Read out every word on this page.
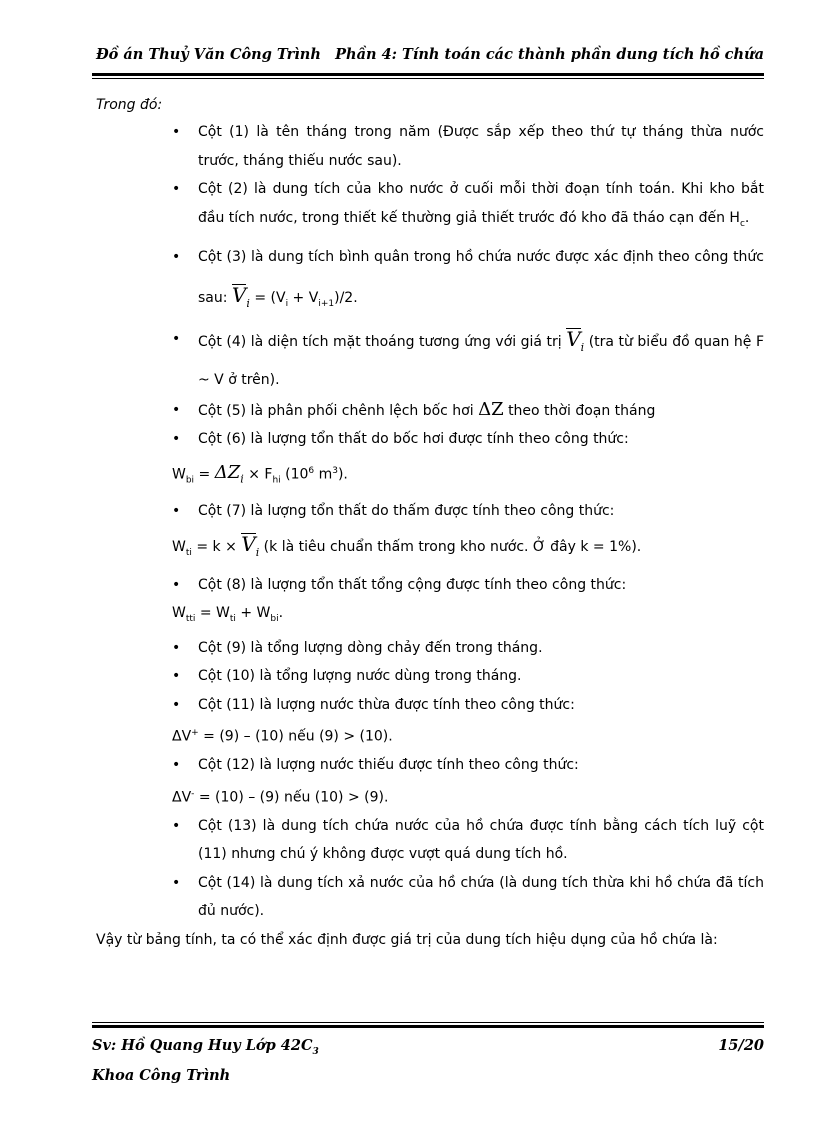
Đồ án Thuỷ Văn Công Trình Phần 4: Tính toán các thành phần dung tích hồ chứa
Trong đó:
• Cột (1) là tên tháng trong năm (Được sắp xếp theo thứ tự tháng thừa nước trước, tháng thiếu nước sau).
• Cột (2) là dung tích của kho nước ở cuối mỗi thời đoạn tính toán. Khi kho bắt đầu tích nước, trong thiết kế thường giả thiết trước đó kho đã tháo cạn đến $H_c$.
• Cột (3) là dung tích bình quân trong hồ chứa nước được xác định theo công thức sau: $V_i = (V_i + V_{i+1})/2$.
• Cột (4) là diện tích mặt thoáng tương ứng với giá trị $V_i$ (tra từ biểu đồ quan hệ F ~ V ở trên).
• Cột (5) là phân phối chênh lệch bốc hơi ΔZ theo thời đoạn tháng
• Cột (6) là lượng tổn thất do bốc hơi được tính theo công thức:
$W_{bi} = \Delta Z_i \times F_{hi}$ ($10^6$ $m^3$).
• Cột (7) là lượng tổn thất do thấm được tính theo công thức:
$W_{ti} = k \times V_i$ (k là tiêu chuẩn thấm trong kho nước. Ở đây k = 1%).
• Cột (8) là lượng tổn thất tổng cộng được tính theo công thức:
$W_{tti} = W_{ti} + W_{bi}$.
• Cột (9) là tổng lượng dòng chảy đến trong tháng.
• Cột (10) là tổng lượng nước dùng trong tháng.
• Cột (11) là lượng nước thừa được tính theo công thức:
ΔV+ = (9) – (10) nếu (9) > (10).
• Cột (12) là lượng nước thiếu được tính theo công thức:
ΔV- = (10) – (9) nếu (10) > (9).
• Cột (13) là dung tích chứa nước của hồ chứa được tính bằng cách tích luỹ cột (11) nhưng chú ý không được vượt quá dung tích hồ.
• Cột (14) là dung tích xả nước của hồ chứa (là dung tích thừa khi hồ chứa đã tích đủ nước).
Vậy từ bảng tính, ta có thể xác định được giá trị của dung tích hiệu dụng của hồ chứa là:
Sv: Hồ Quang Huy Lớp $42C_3$
Khoa Công Trình
15/20
